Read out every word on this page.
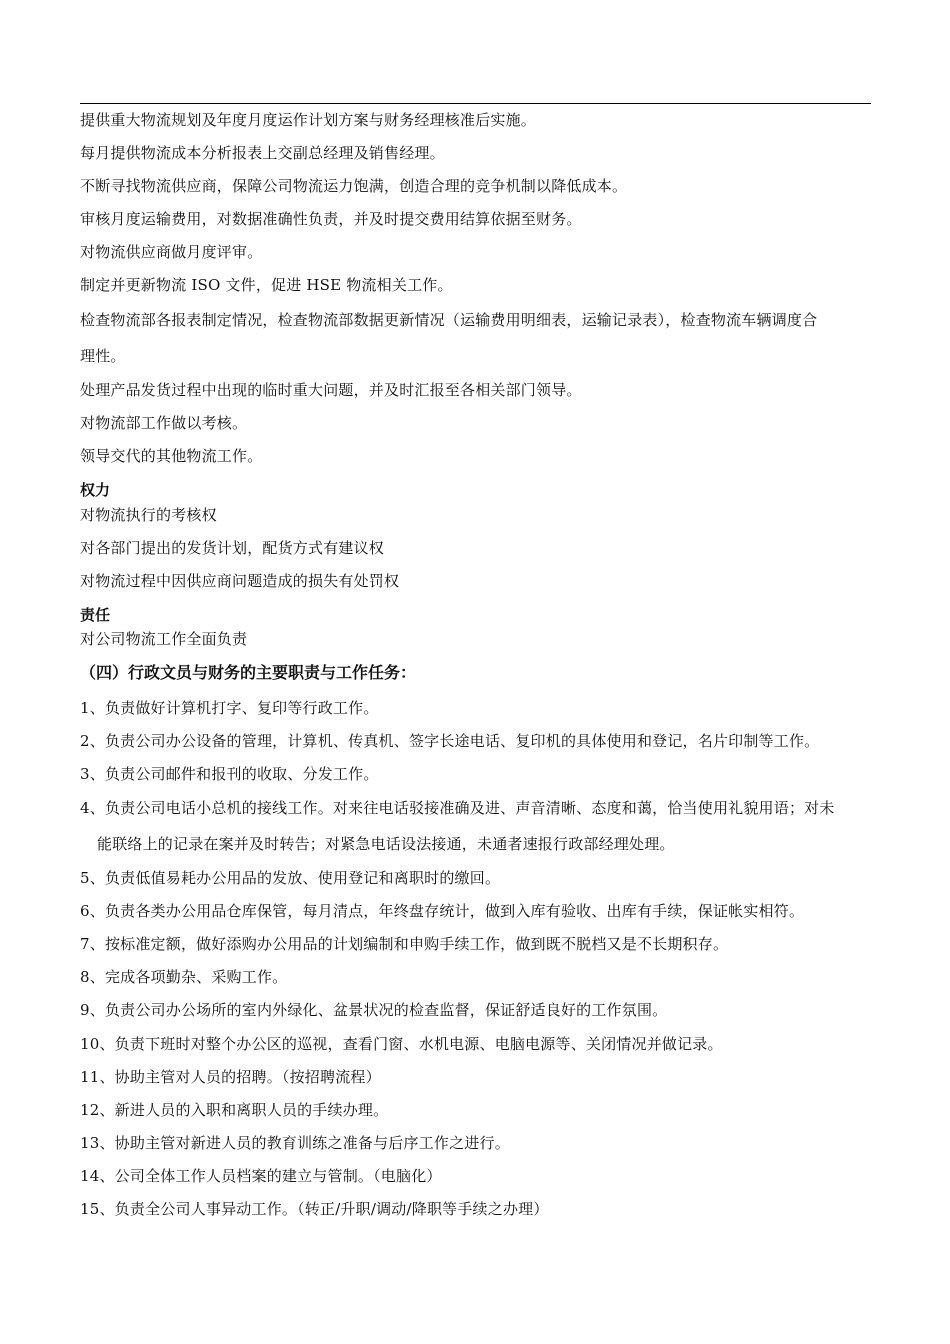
提供重大物流规划及年度月度运作计划方案与财务经理核准后实施。
每月提供物流成本分析报表上交副总经理及销售经理。
不断寻找物流供应商，保障公司物流运力饱满，创造合理的竞争机制以降低成本。
审核月度运输费用，对数据准确性负责，并及时提交费用结算依据至财务。
对物流供应商做月度评审。
制定并更新物流 ISO 文件，促进 HSE 物流相关工作。
检查物流部各报表制定情况，检查物流部数据更新情况（运输费用明细表，运输记录表），检查物流车辆调度合
理性。
处理产品发货过程中出现的临时重大问题，并及时汇报至各相关部门领导。
对物流部工作做以考核。
领导交代的其他物流工作。
权力
对物流执行的考核权
对各部门提出的发货计划，配货方式有建议权
对物流过程中因供应商问题造成的损失有处罚权
责任
对公司物流工作全面负责
（四）行政文员与财务的主要职责与工作任务：
1、负责做好计算机打字、复印等行政工作。
2、负责公司办公设备的管理，计算机、传真机、签字长途电话、复印机的具体使用和登记，名片印制等工作。
3、负责公司邮件和报刊的收取、分发工作。
4、负责公司电话小总机的接线工作。对来往电话驳接准确及进、声音清晰、态度和蔼，恰当使用礼貌用语；对未
能联络上的记录在案并及时转告；对紧急电话设法接通，未通者速报行政部经理处理。
5、负责低值易耗办公用品的发放、使用登记和离职时的缴回。
6、负责各类办公用品仓库保管，每月清点，年终盘存统计，做到入库有验收、出库有手续，保证帐实相符。
7、按标准定额，做好添购办公用品的计划编制和申购手续工作，做到既不脱档又是不长期积存。
8、完成各项勤杂、采购工作。
9、负责公司办公场所的室内外绿化、盆景状况的检查监督，保证舒适良好的工作氛围。
10、负责下班时对整个办公区的巡视，查看门窗、水机电源、电脑电源等、关闭情况并做记录。
11、协助主管对人员的招聘。（按招聘流程）
12、新进人员的入职和离职人员的手续办理。
13、协助主管对新进人员的教育训练之准备与后序工作之进行。
14、公司全体工作人员档案的建立与管制。（电脑化）
15、负责全公司人事异动工作。（转正/升职/调动/降职等手续之办理）
